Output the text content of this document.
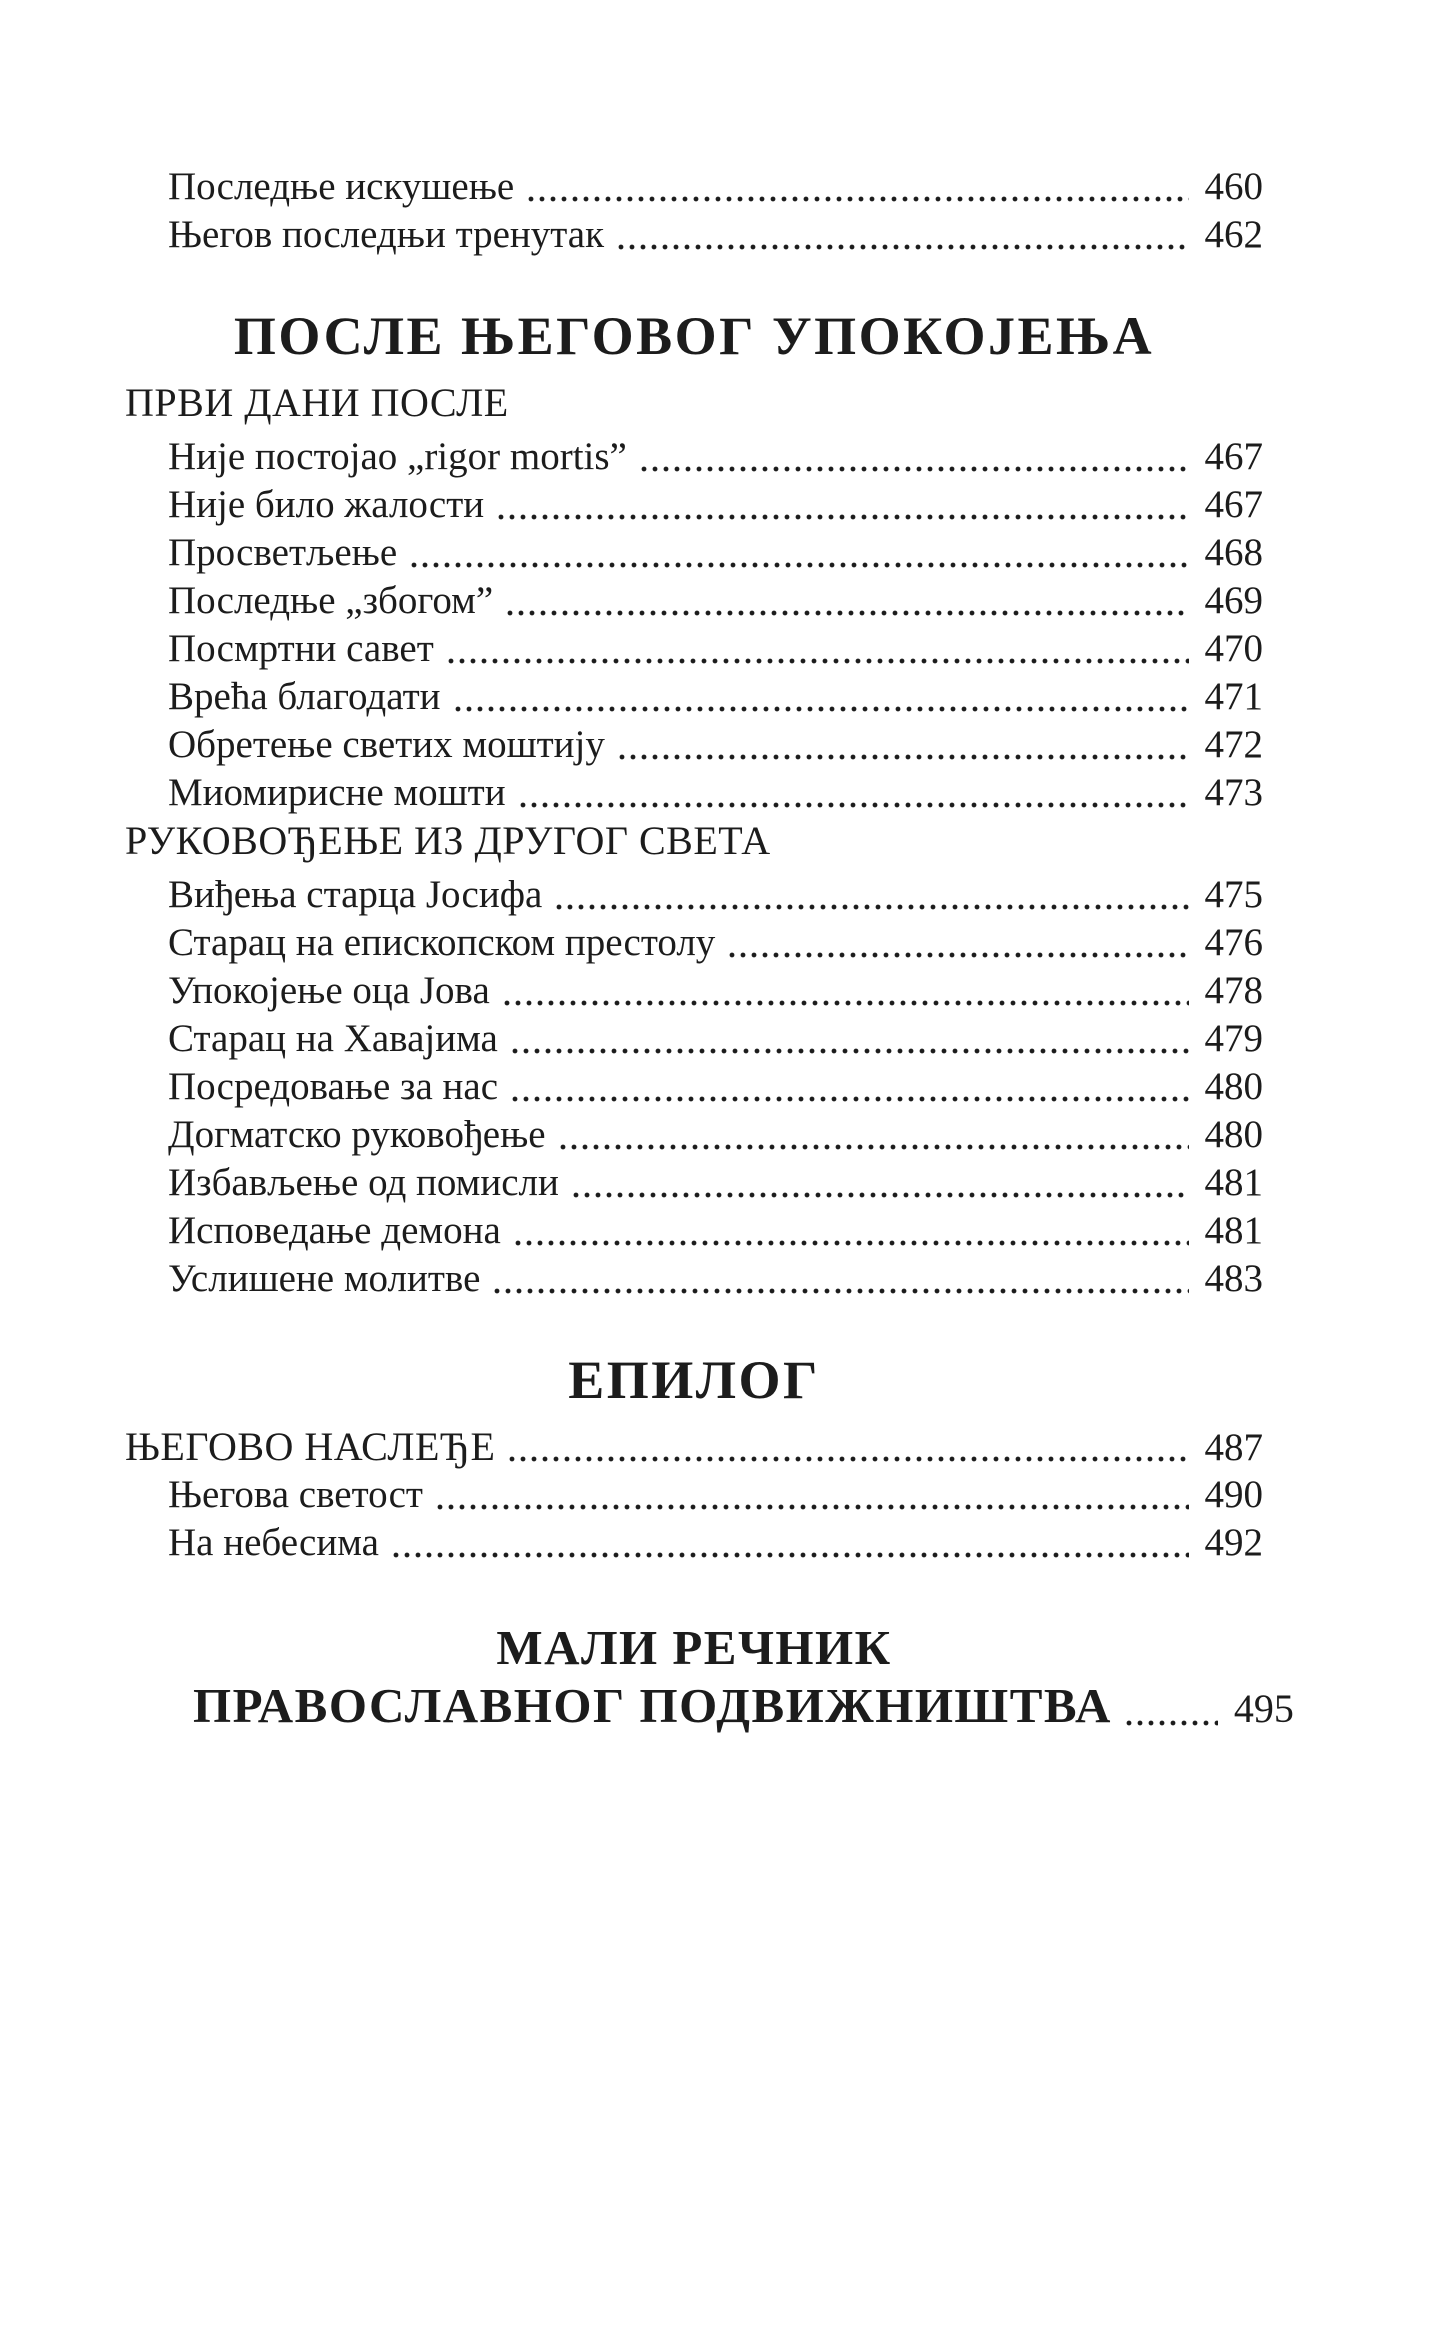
Последње искушење	460
Његов последњи тренутак	462
ПОСЛЕ ЊЕГОВОГ УПОКОЈЕЊА
ПРВИ ДАНИ ПОСЛЕ
Није постојао „rigor mortis”	467
Није било жалости	467
Просветљење	468
Последње „збогом”	469
Посмртни савет	470
Врећа благодати	471
Обретење светих моштију	472
Миомирисне мошти	473
РУКОВОЂЕЊЕ ИЗ ДРУГОГ СВЕТА
Виђења старца Јосифа	475
Старац на епископском престолу	476
Упокојење оца Јова	478
Старац на Хавајима	479
Посредовање за нас	480
Догматско руковођење	480
Избављење од помисли	481
Исповедање демона	481
Услишене молитве	483
ЕПИЛОГ
ЊЕГОВО НАСЛЕЂЕ	487
Његова светост	490
На небесима	492
МАЛИ РЕЧНИК
ПРАВОСЛАВНОГ ПОДВИЖНИШТВА	495
